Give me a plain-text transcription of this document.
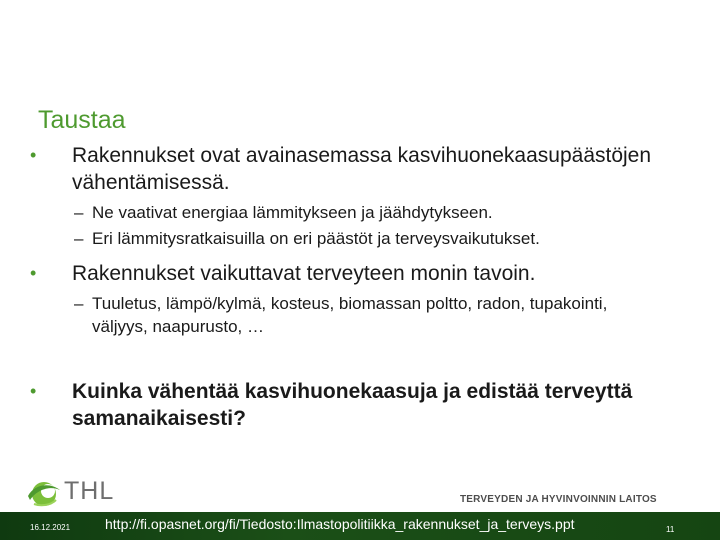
Taustaa
• Rakennukset ovat avainasemassa kasvihuonekaasupäästöjen vähentämisessä.
– Ne vaativat energiaa lämmitykseen ja jäähdytykseen.
– Eri lämmitysratkaisuilla on eri päästöt ja terveysvaikutukset.
• Rakennukset vaikuttavat terveyteen monin tavoin.
– Tuuletus, lämpö/kylmä, kosteus, biomassan poltto, radon, tupakointi, väljyys, naapurusto, …
• Kuinka vähentää kasvihuonekaasuja ja edistää terveyttä samanaikaisesti?
THL	TERVEYDEN JA HYVINVOINNIN LAITOS
16.12.2021 http://fi.opasnet.org/fi/Tiedosto:Ilmastopolitiikka_rakennukset_ja_terveys.ppt	11
